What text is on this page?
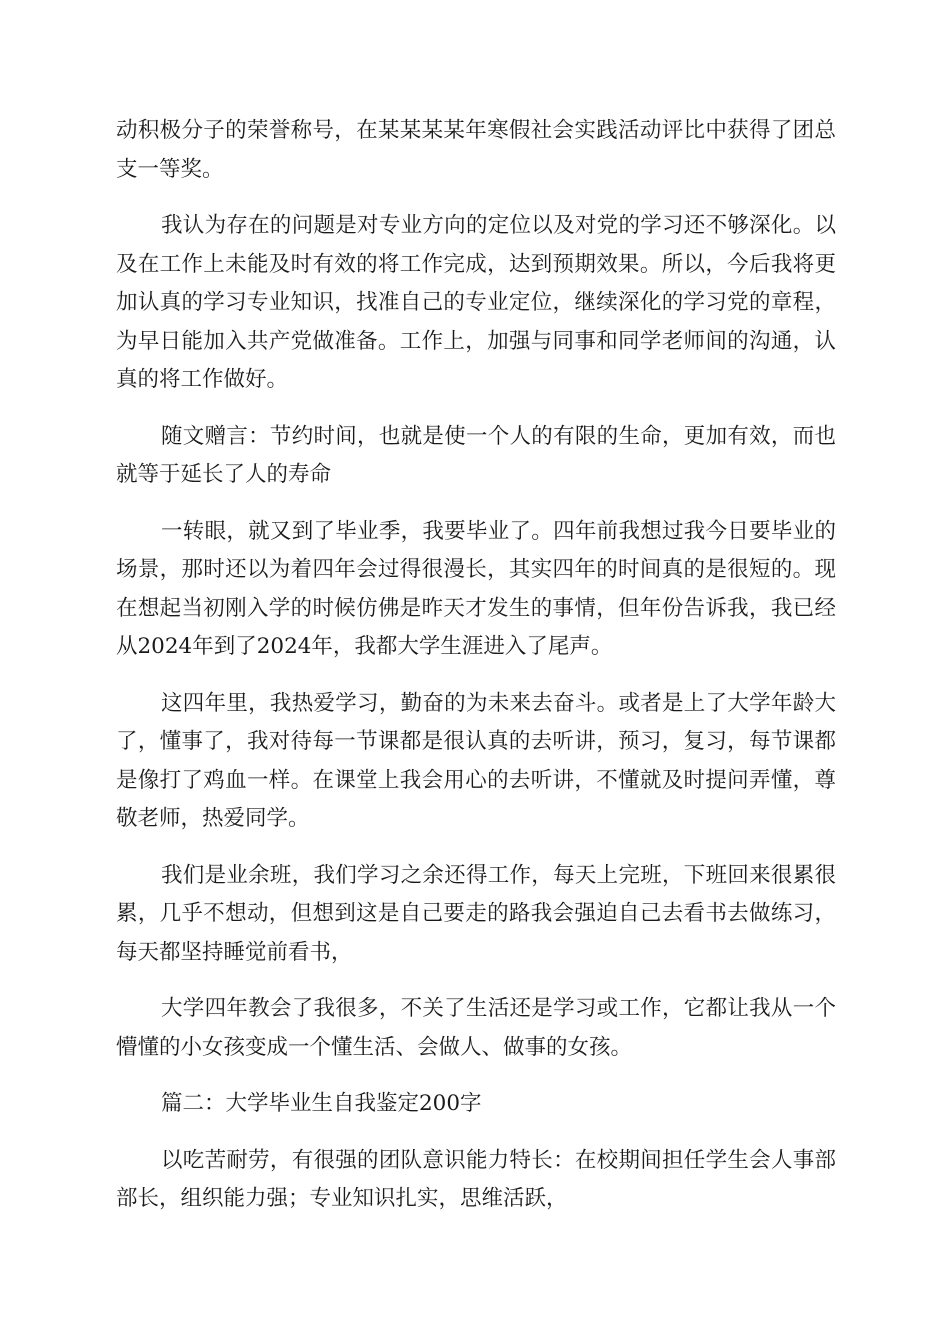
动积极分子的荣誉称号，在某某某某年寒假社会实践活动评比中获得了团总支一等奖。

我认为存在的问题是对专业方向的定位以及对党的学习还不够深化。以及在工作上未能及时有效的将工作完成，达到预期效果。所以，今后我将更加认真的学习专业知识，找准自己的专业定位，继续深化的学习党的章程，为早日能加入共产党做准备。工作上，加强与同事和同学老师间的沟通，认真的将工作做好。

随文赠言：节约时间，也就是使一个人的有限的生命，更加有效，而也就等于延长了人的寿命

一转眼，就又到了毕业季，我要毕业了。四年前我想过我今日要毕业的场景，那时还以为着四年会过得很漫长，其实四年的时间真的是很短的。现在想起当初刚入学的时候仿佛是昨天才发生的事情，但年份告诉我，我已经从2024年到了2024年，我都大学生涯进入了尾声。

这四年里，我热爱学习，勤奋的为未来去奋斗。或者是上了大学年龄大了，懂事了，我对待每一节课都是很认真的去听讲，预习，复习，每节课都是像打了鸡血一样。在课堂上我会用心的去听讲，不懂就及时提问弄懂，尊敬老师，热爱同学。

我们是业余班，我们学习之余还得工作，每天上完班，下班回来很累很累，几乎不想动，但想到这是自己要走的路我会强迫自己去看书去做练习，每天都坚持睡觉前看书，

大学四年教会了我很多，不关了生活还是学习或工作，它都让我从一个懵懂的小女孩变成一个懂生活、会做人、做事的女孩。

篇二：大学毕业生自我鉴定200字

以吃苦耐劳，有很强的团队意识能力特长：在校期间担任学生会人事部部长，组织能力强；专业知识扎实，思维活跃，
